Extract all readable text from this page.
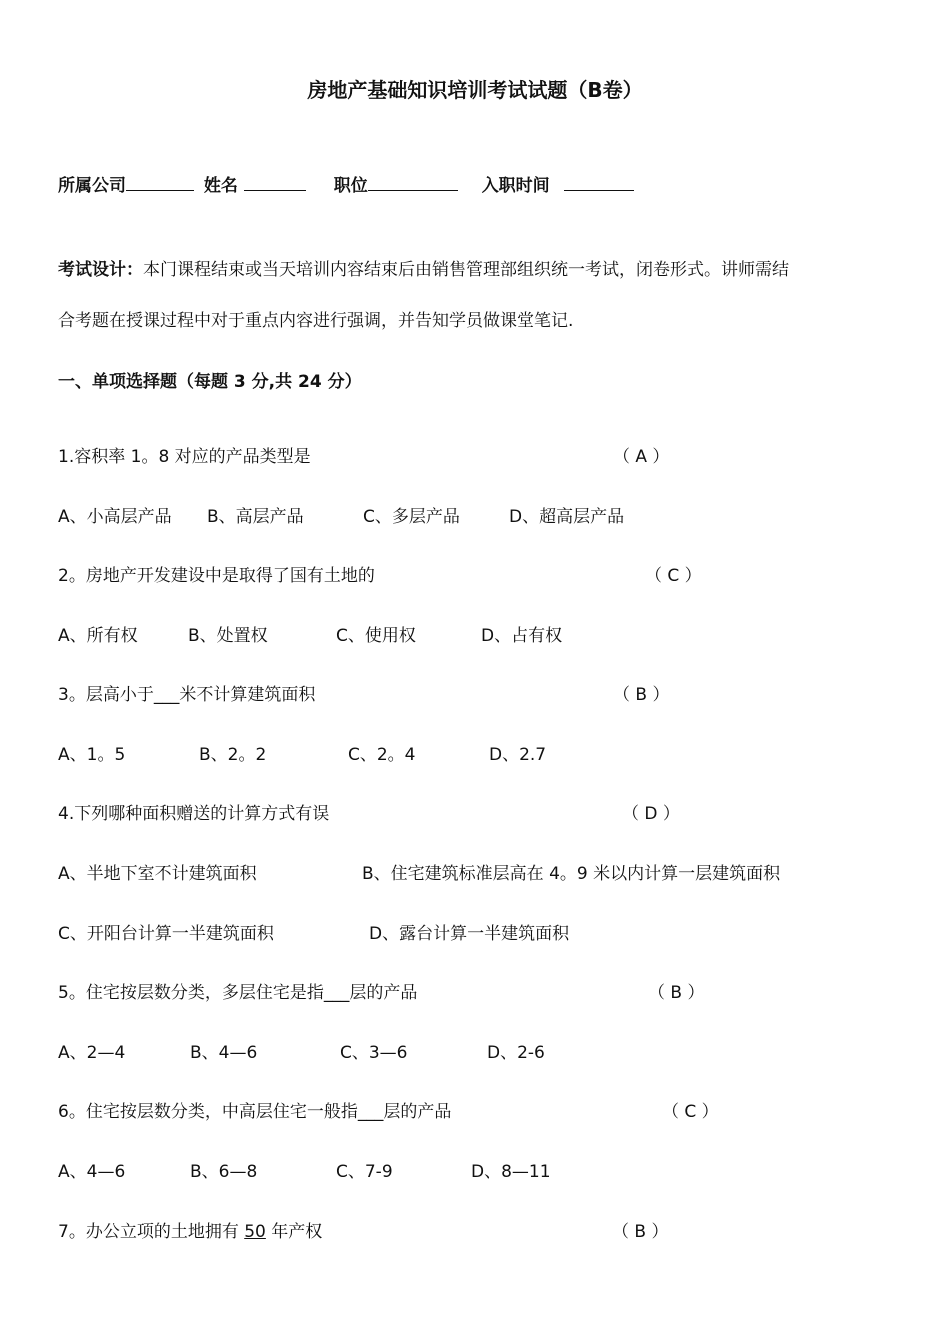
房地产基础知识培训考试试题（B卷）
所属公司	姓名	职位	入职时间
考试设计：本门课程结束或当天培训内容结束后由销售管理部组织统一考试，闭卷形式。讲师需结
合考题在授课过程中对于重点内容进行强调，并告知学员做课堂笔记.
一、单项选择题（每题 3 分,共 24 分）
1.容积率 1。8 对应的产品类型是	（ A ）
A、小高层产品 B、高层产品	C、多层产品	D、超高层产品
2。房地产开发建设中是取得了国有土地的	（ C ）
A、所有权	B、处置权	C、使用权	D、占有权
3。层高小于___米不计算建筑面积	（ B ）
A、1。5	B、2。2	C、2。4	D、2.7
4.下列哪种面积赠送的计算方式有误	（ D ）
A、半地下室不计建筑面积	B、住宅建筑标准层高在 4。9 米以内计算一层建筑面积
C、开阳台计算一半建筑面积	D、露台计算一半建筑面积
5。住宅按层数分类，多层住宅是指___层的产品	（ B ）
A、2—4	B、4—6	C、3—6	D、2-6
6。住宅按层数分类，中高层住宅一般指___层的产品	（ C ）
A、4—6	B、6—8	C、7-9	D、8—11
7。办公立项的土地拥有 50 年产权	（ B ）
